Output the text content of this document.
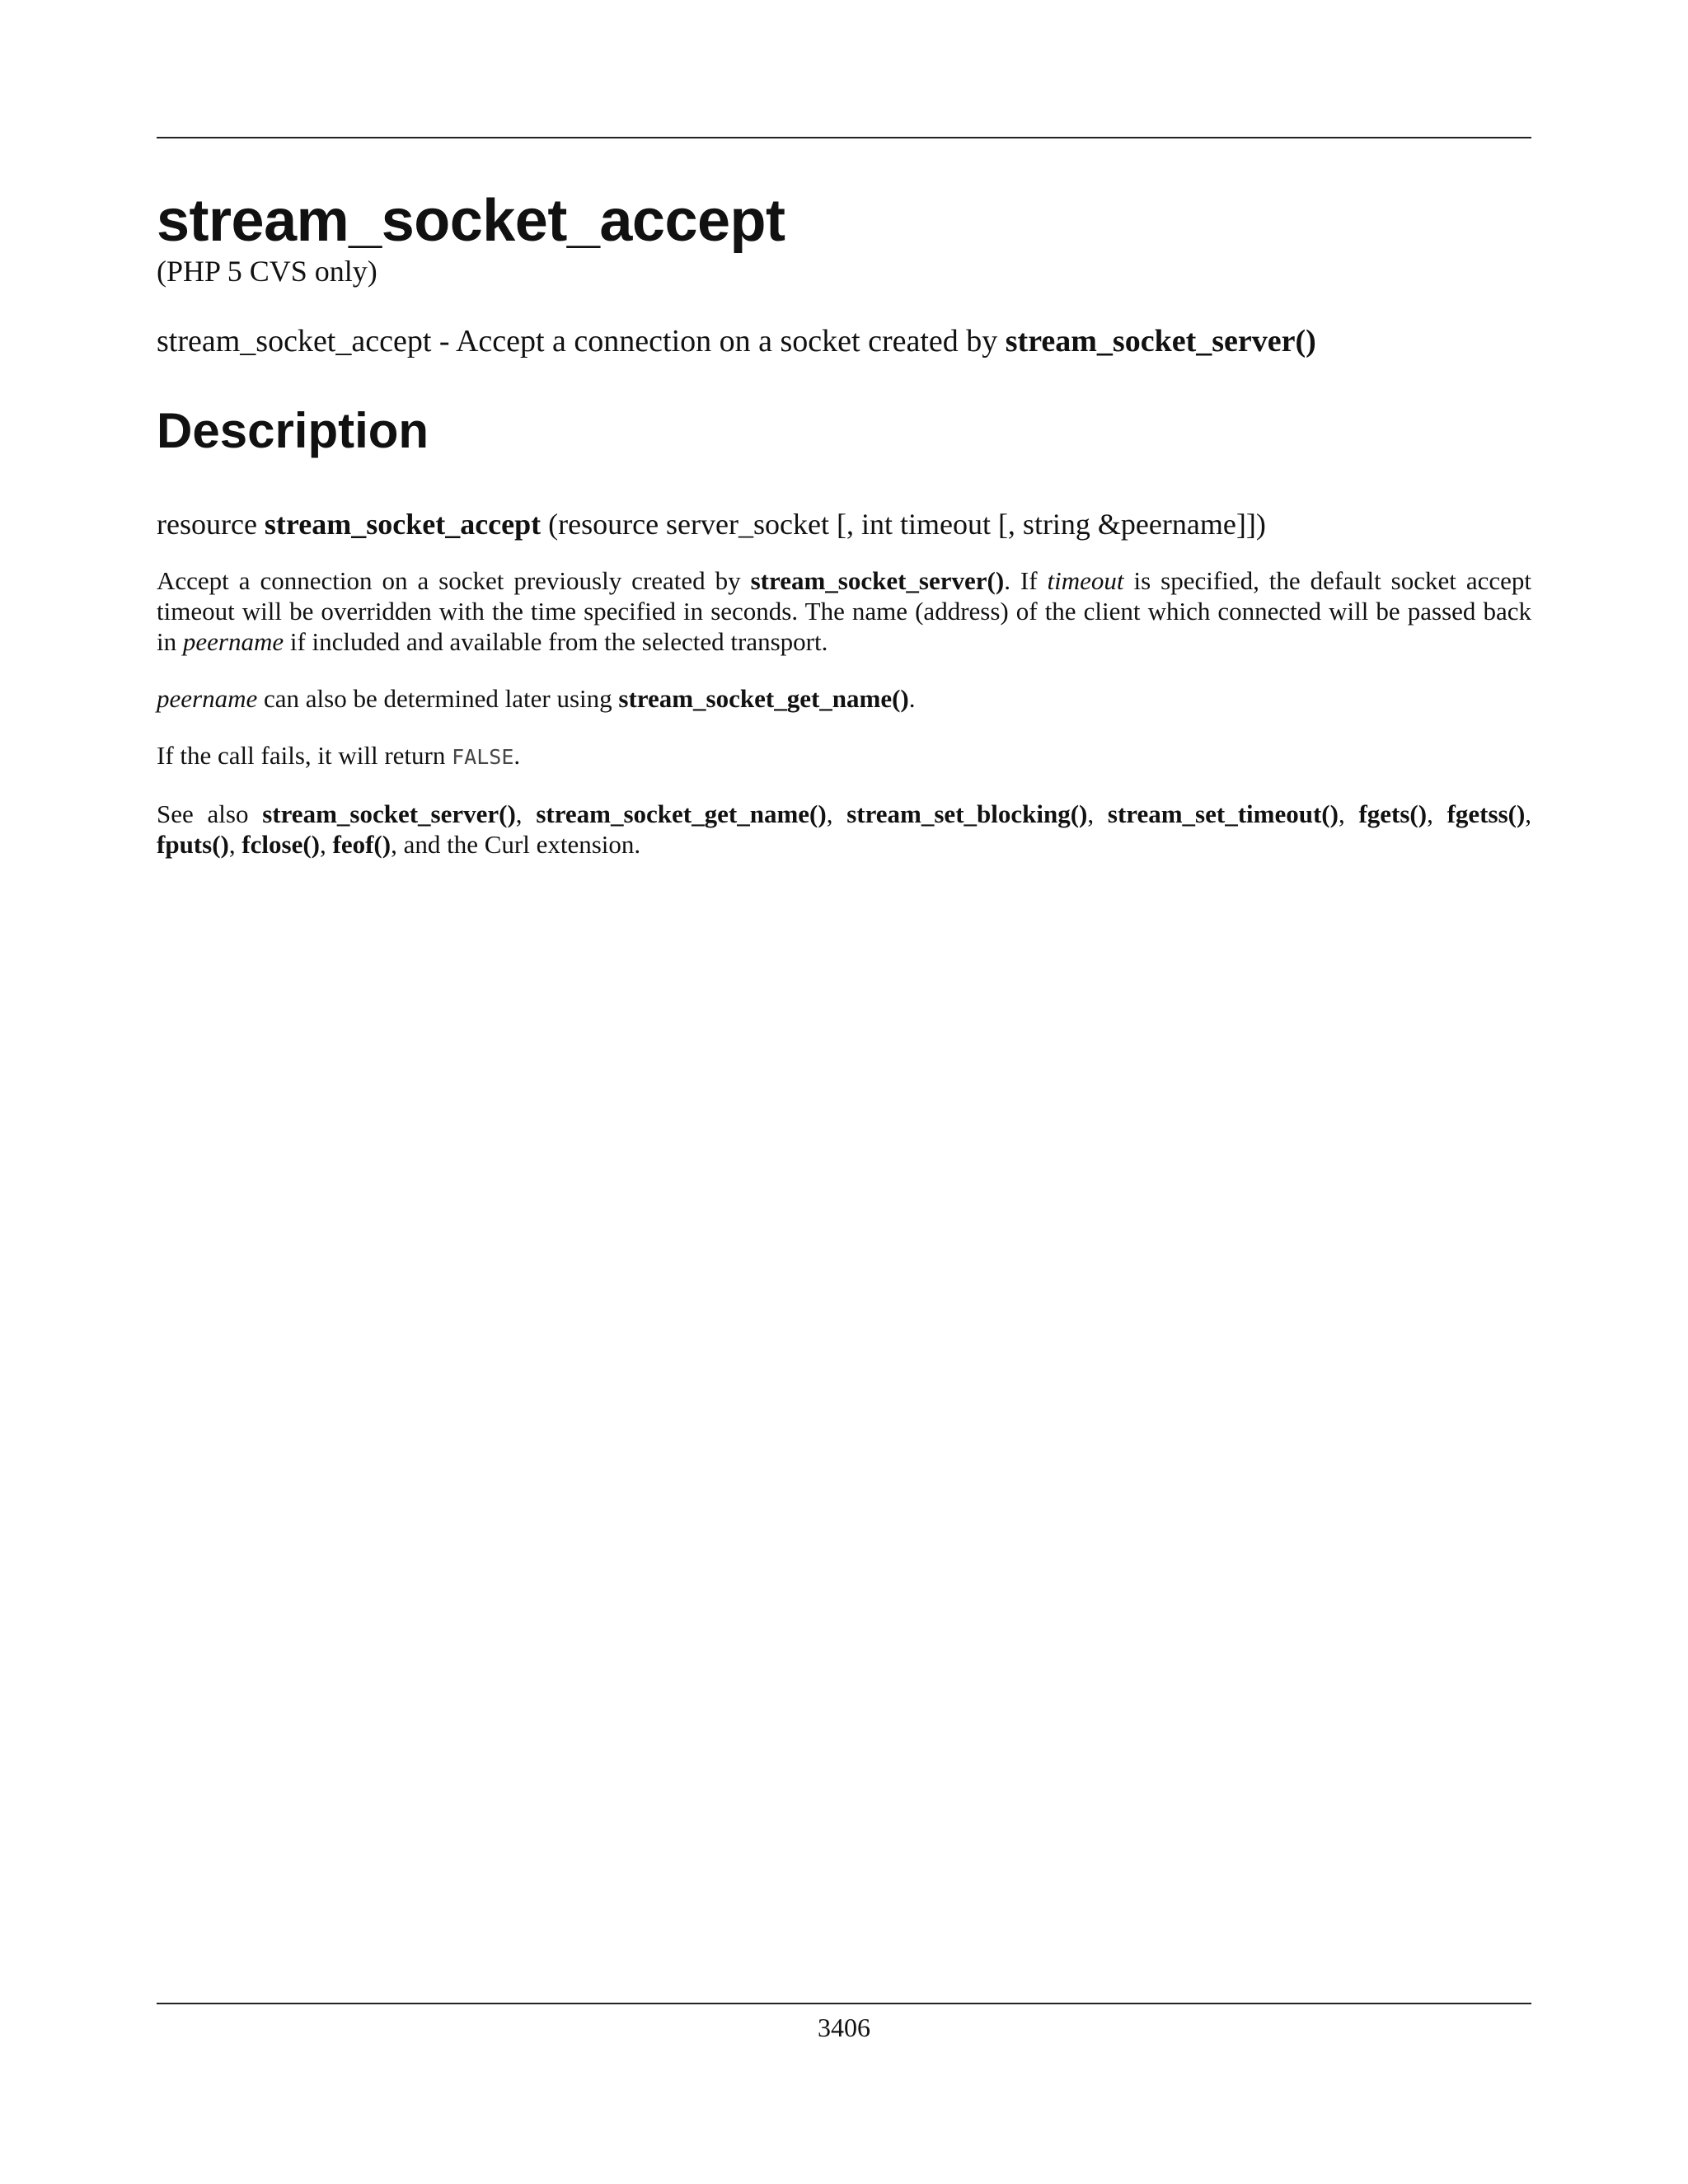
stream_socket_accept
(PHP 5 CVS only)
stream_socket_accept - Accept a connection on a socket created by stream_socket_server()
Description
resource stream_socket_accept (resource server_socket [, int timeout [, string &peername]])

Accept a connection on a socket previously created by stream_socket_server(). If timeout is specified, the default socket accept timeout will be overridden with the time specified in seconds. The name (address) of the client which connected will be passed back in peername if included and available from the selected transport.

peername can also be determined later using stream_socket_get_name().

If the call fails, it will return FALSE.

See also stream_socket_server(), stream_socket_get_name(), stream_set_blocking(), stream_set_timeout(), fgets(), fgetss(), fputs(), fclose(), feof(), and the Curl extension.

3406
